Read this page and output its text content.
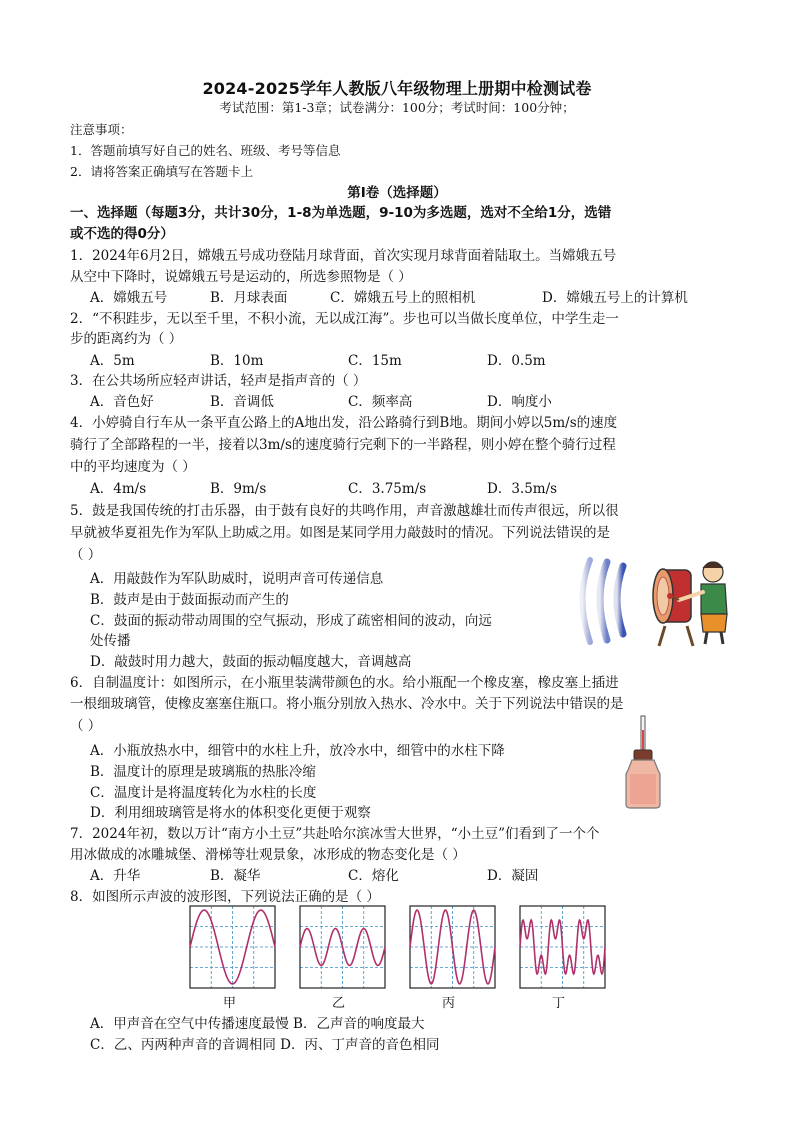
2024-2025学年人教版八年级物理上册期中检测试卷
考试范围：第1-3章；试卷满分：100分；考试时间：100分钟；
注意事项：
1．答题前填写好自己的姓名、班级、考号等信息
2．请将答案正确填写在答题卡上
第Ⅰ卷（选择题）
一、选择题（每题3分，共计30分，1-8为单选题，9-10为多选题，选对不全给1分，选错
或不选的得0分）
1．2024年6月2日，嫦娥五号成功登陆月球背面，首次实现月球背面着陆取土。当嫦娥五号
从空中下降时，说嫦娥五号是运动的，所选参照物是（ ）
A．嫦娥五号	B．月球表面	C．嫦娥五号上的照相机	D．嫦娥五号上的计算机
2．“不积跬步，无以至千里，不积小流，无以成江海”。步也可以当做长度单位，中学生走一
步的距离约为（ ）
A．5m	B．10m	C．15m	D．0.5m
3．在公共场所应轻声讲话，轻声是指声音的（ ）
A．音色好	B．音调低	C．频率高	D．响度小
4．小婷骑自行车从一条平直公路上的A地出发，沿公路骑行到B地。期间小婷以5m/s的速度
骑行了全部路程的一半，接着以3m/s的速度骑行完剩下的一半路程，则小婷在整个骑行过程
中的平均速度为（ ）
A．4m/s	B．9m/s	C．3.75m/s	D．3.5m/s
5．鼓是我国传统的打击乐器，由于鼓有良好的共鸣作用，声音激越雄壮而传声很远，所以很
早就被华夏祖先作为军队上助威之用。如图是某同学用力敲鼓时的情况。下列说法错误的是
（ ）
A．用敲鼓作为军队助威时，说明声音可传递信息
B．鼓声是由于鼓面振动而产生的
C．鼓面的振动带动周围的空气振动，形成了疏密相间的波动，向远
处传播
D．敲鼓时用力越大，鼓面的振动幅度越大，音调越高
6．自制温度计：如图所示，在小瓶里装满带颜色的水。给小瓶配一个橡皮塞，橡皮塞上插进
一根细玻璃管，使橡皮塞塞住瓶口。将小瓶分别放入热水、冷水中。关于下列说法中错误的是
（ ）
A．小瓶放热水中，细管中的水柱上升，放冷水中，细管中的水柱下降
B．温度计的原理是玻璃瓶的热胀冷缩
C．温度计是将温度转化为水柱的长度
D．利用细玻璃管是将水的体积变化更便于观察
7．2024年初，数以万计“南方小土豆”共赴哈尔滨冰雪大世界，“小土豆”们看到了一个个
用冰做成的冰雕城堡、滑梯等壮观景象，冰形成的物态变化是（ ）
A．升华	B．凝华	C．熔化	D．凝固
8．如图所示声波的波形图，下列说法正确的是（ ）
甲	乙	丙	丁
A．甲声音在空气中传播速度最慢 B．乙声音的响度最大
C．乙、丙两种声音的音调相同 D．丙、丁声音的音色相同
